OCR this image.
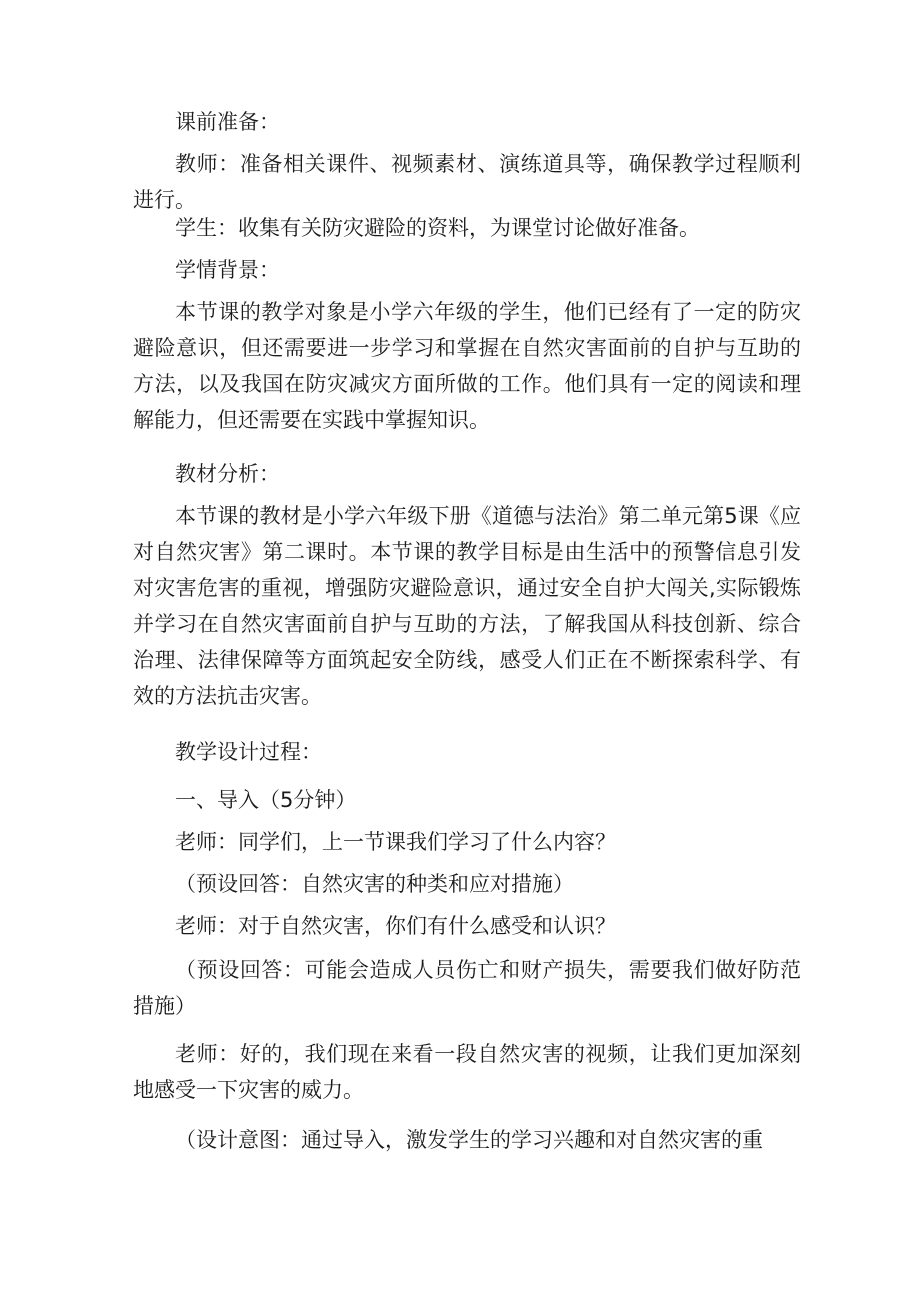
课前准备：

教师：准备相关课件、视频素材、演练道具等，确保教学过程顺利进行。

学生：收集有关防灾避险的资料，为课堂讨论做好准备。

学情背景：

本节课的教学对象是小学六年级的学生，他们已经有了一定的防灾避险意识，但还需要进一步学习和掌握在自然灾害面前的自护与互助的方法，以及我国在防灾减灾方面所做的工作。他们具有一定的阅读和理解能力，但还需要在实践中掌握知识。

教材分析：

本节课的教材是小学六年级下册《道德与法治》第二单元第5课《应对自然灾害》第二课时。本节课的教学目标是由生活中的预警信息引发对灾害危害的重视，增强防灾避险意识，通过安全自护大闯关,实际锻炼并学习在自然灾害面前自护与互助的方法，了解我国从科技创新、综合治理、法律保障等方面筑起安全防线，感受人们正在不断探索科学、有效的方法抗击灾害。

教学设计过程：

一、导入（5分钟）

老师：同学们，上一节课我们学习了什么内容？

（预设回答：自然灾害的种类和应对措施）

老师：对于自然灾害，你们有什么感受和认识？

（预设回答：可能会造成人员伤亡和财产损失，需要我们做好防范措施）

老师：好的，我们现在来看一段自然灾害的视频，让我们更加深刻地感受一下灾害的威力。

（设计意图：通过导入，激发学生的学习兴趣和对自然灾害的重
